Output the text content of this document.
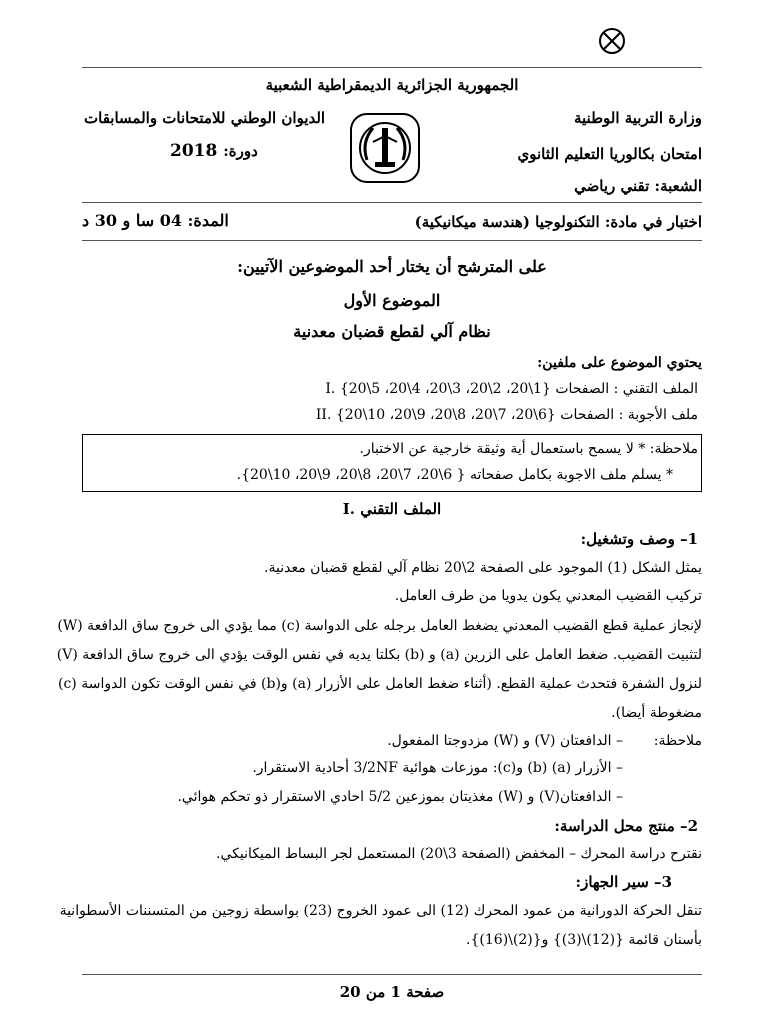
الجمهورية الجزائرية الديمقراطية الشعبية
وزارة التربية الوطنية
الديوان الوطني للامتحانات والمسابقات
امتحان بكالوريا التعليم الثانوي
دورة: 2018
الشعبة: تقني رياضي
اختبار في مادة: التكنولوجيا (هندسة ميكانيكية)
المدة: 04 سا و 30 د
على المترشح أن يختار أحد الموضوعين الآتيين:
الموضوع الأول
نظام آلي لقطع قضبان معدنية
يحتوي الموضوع على ملفين:
I. الملف التقني : الصفحات {1\20، 2\20، 3\20، 4\20، 5\20}
II. ملف الأجوبة : الصفحات {6\20، 7\20، 8\20، 9\20، 10\20}
ملاحظة: * لا يسمح باستعمال أية وثيقة خارجية عن الاختبار.
* يسلم ملف الاجوبة بكامل صفحاته { 6\20، 7\20، 8\20، 9\20، 10\20}.
I. الملف التقني
1– وصف وتشغيل:
يمثل الشكل (1) الموجود على الصفحة 2\20 نظام آلي لقطع قضبان معدنية.
تركيب القضيب المعدني يكون يدويا من طرف العامل.
لإنجاز عملية قطع القضيب المعدني يضغط العامل برجله على الدواسة (c) مما يؤدي الى خروج ساق الدافعة (W)
لتثبيت القضيب. ضغط العامل على الزرين (a) و (b) بكلتا يديه في نفس الوقت يؤدي الى خروج ساق الدافعة (V)
لنزول الشفرة فتحدث عملية القطع. (أثناء ضغط العامل على الأزرار (a) و(b) في نفس الوقت تكون الدواسة (c)
مضغوطة أيضا).
ملاحظة:
– الدافعتان (V) و (W) مزدوجتا المفعول.
– الأزرار (a) (b) و(c): موزعات هوائية 3/2NF أحادية الاستقرار.
– الدافعتان(V) و (W) مغذيتان بموزعين 5/2 احادي الاستقرار ذو تحكم هوائي.
2– منتج محل الدراسة:
نقترح دراسة المحرك – المخفض (الصفحة 3\20) المستعمل لجر البساط الميكانيكي.
3– سير الجهاز:
تنقل الحركة الدورانية من عمود المحرك (12) الى عمود الخروج (23) بواسطة زوجين من المتسننات الأسطوانية
بأسنان قائمة {(12)\(3)} و{(2)\(16)}.
صفحة 1 من 20
